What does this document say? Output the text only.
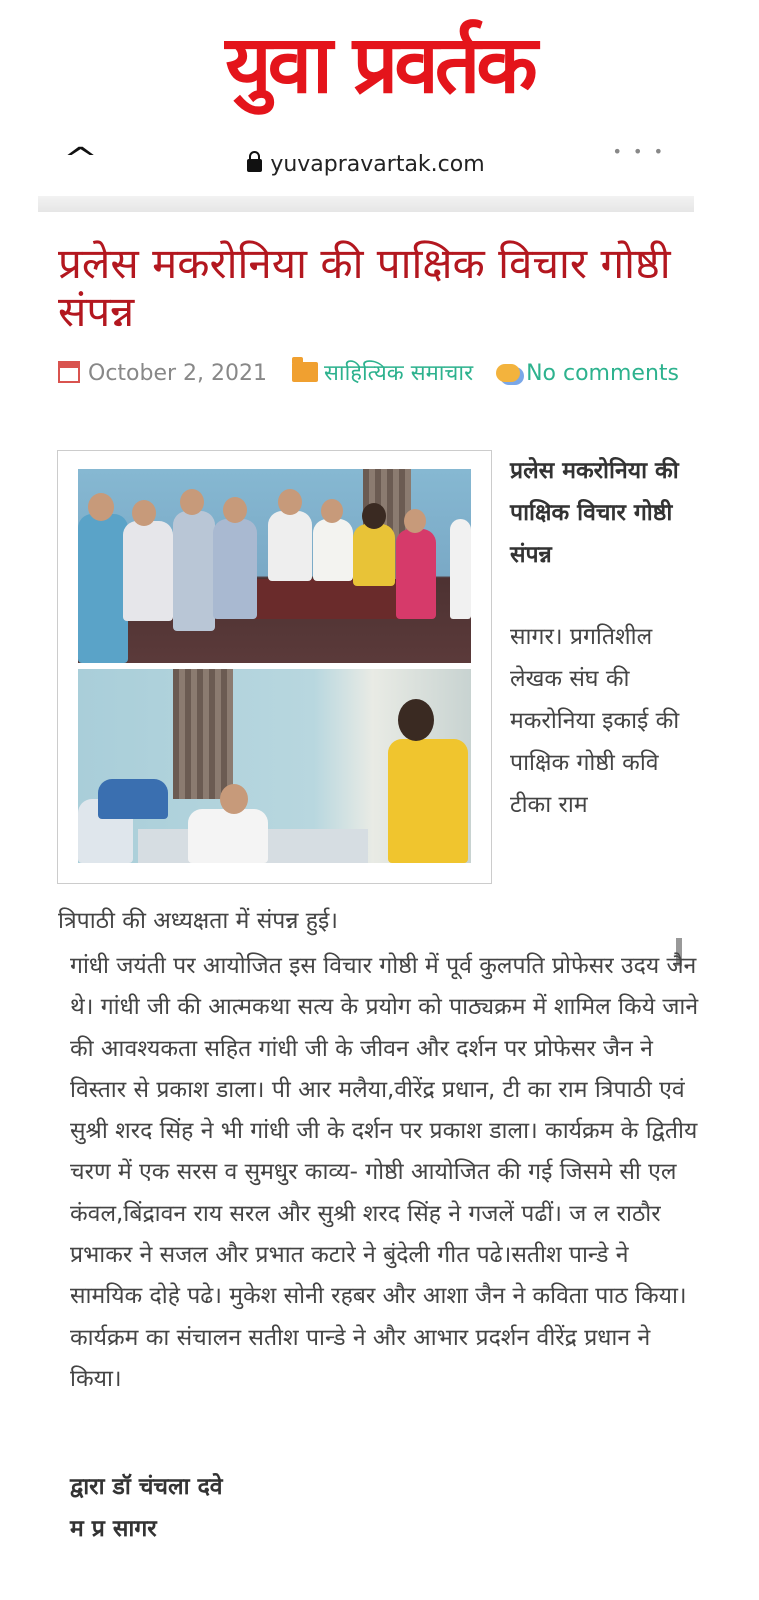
युवा प्रवर्तक
^	yuvapravartak.com
• • •
प्रलेस मकरोनिया की पाक्षिक विचार गोष्ठी संपन्न
October 2, 2021	साहित्यिक समाचार No comments
प्रलेस मकरोनिया की पाक्षिक विचार गोष्ठी संपन्न
सागर। प्रगतिशील लेखक संघ की मकरोनिया इकाई की पाक्षिक गोष्ठी कवि टीका राम
त्रिपाठी की अध्यक्षता में संपन्न हुई।
गांधी जयंती पर आयोजित इस विचार गोष्ठी में पूर्व कुलपति प्रोफेसर उदय जैन थे। गांधी जी की आत्मकथा सत्य के प्रयोग को पाठ्यक्रम में शामिल किये जाने की आवश्यकता सहित गांधी जी के जीवन और दर्शन पर प्रोफेसर जैन ने विस्तार से प्रकाश डाला। पी आर मलैया,वीरेंद्र प्रधान, टी का राम त्रिपाठी एवं सुश्री शरद सिंह ने भी गांधी जी के दर्शन पर प्रकाश डाला। कार्यक्रम के द्वितीय चरण में एक सरस व सुमधुर काव्य- गोष्ठी आयोजित की गई जिसमे सी एल कंवल,बिंद्रावन राय सरल और सुश्री शरद सिंह ने गजलें पढीं। ज ल राठौर प्रभाकर ने सजल और प्रभात कटारे ने बुंदेली गीत पढे।सतीश पान्डे ने सामयिक दोहे पढे। मुकेश सोनी रहबर और आशा जैन ने कविता पाठ किया। कार्यक्रम का संचालन सतीश पान्डे ने और आभार प्रदर्शन वीरेंद्र प्रधान ने किया।
द्वारा डॉ चंचला दवे
म प्र सागर
